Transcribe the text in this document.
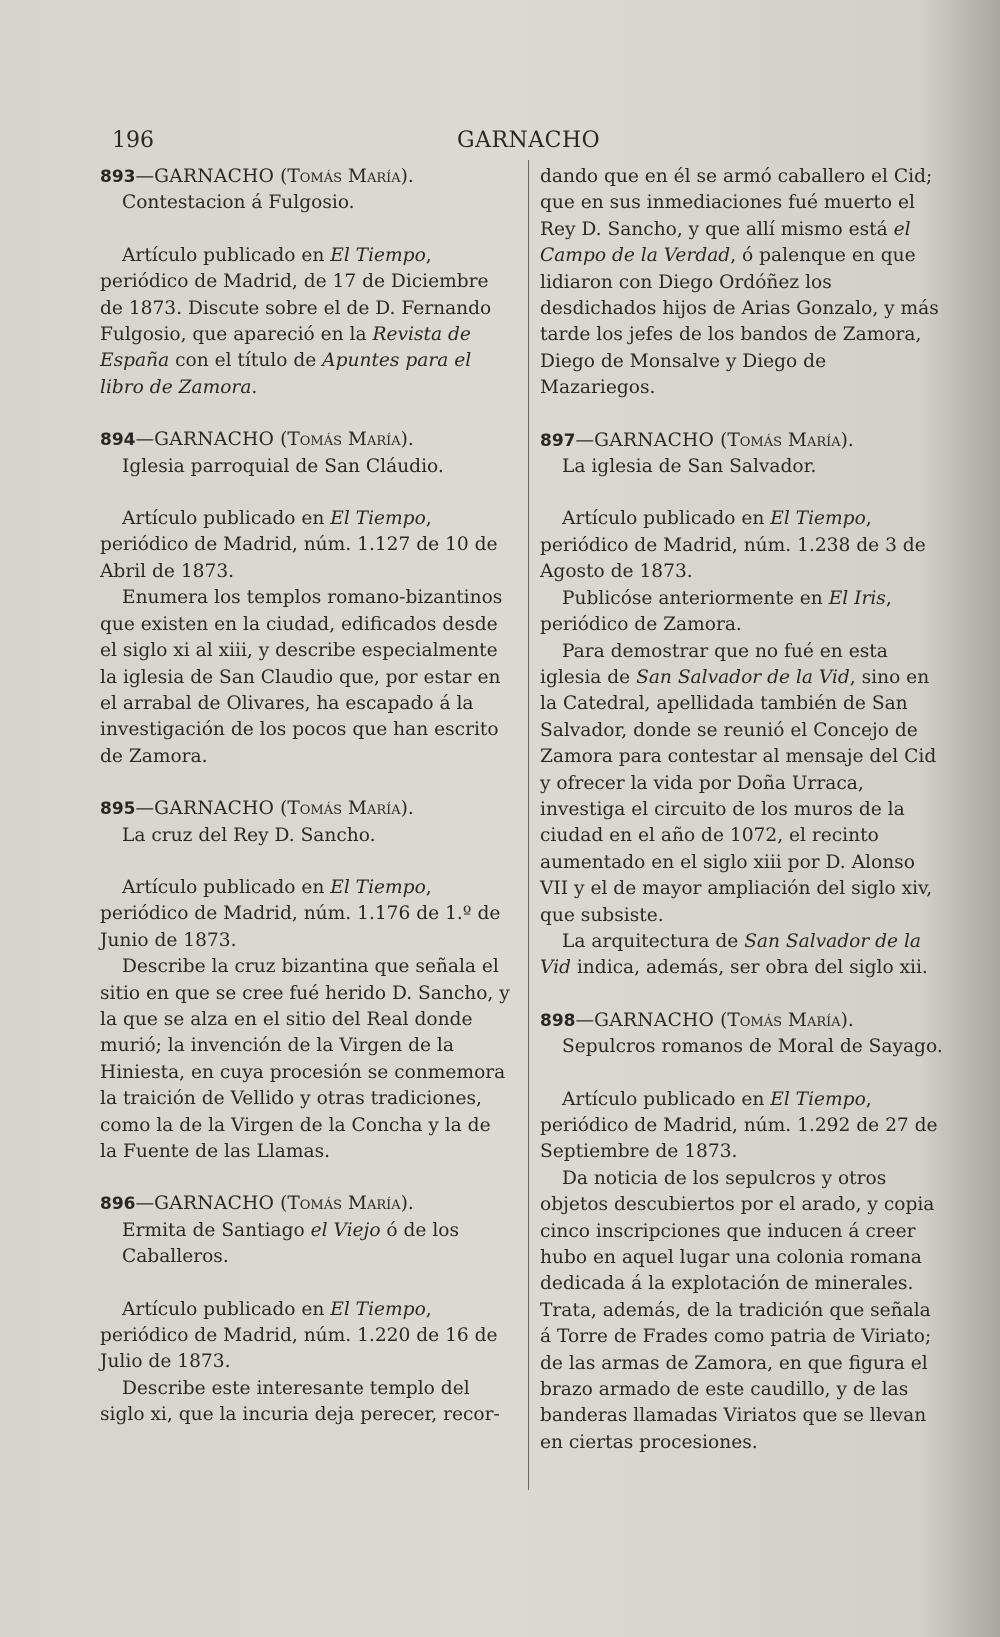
196	GARNACHO

893—GARNACHO (Tomás María).

Contestacion á Fulgosio.

Artículo publicado en El Tiempo, periódico de Madrid, de 17 de Diciembre de 1873. Discute sobre el de D. Fernando Fulgosio, que apareció en la Revista de España con el título de Apuntes para el libro de Zamora.

894—GARNACHO (Tomás María).

Iglesia parroquial de San Cláudio.

Artículo publicado en El Tiempo, periódico de Madrid, núm. 1.127 de 10 de Abril de 1873.

Enumera los templos romano-bizantinos que existen en la ciudad, edificados desde el siglo xi al xiii, y describe especialmente la iglesia de San Claudio que, por estar en el arrabal de Olivares, ha escapado á la investigación de los pocos que han escrito de Zamora.

895—GARNACHO (Tomás María).

La cruz del Rey D. Sancho.

Artículo publicado en El Tiempo, periódico de Madrid, núm. 1.176 de 1.º de Junio de 1873.

Describe la cruz bizantina que señala el sitio en que se cree fué herido D. Sancho, y la que se alza en el sitio del Real donde murió; la invención de la Virgen de la Hiniesta, en cuya procesión se conmemora la traición de Vellido y otras tradiciones, como la de la Virgen de la Concha y la de la Fuente de las Llamas.

896—GARNACHO (Tomás María).

Ermita de Santiago el Viejo ó de los Caballeros.

Artículo publicado en El Tiempo, periódico de Madrid, núm. 1.220 de 16 de Julio de 1873.

Describe este interesante templo del siglo xi, que la incuria deja perecer, recor-

dando que en él se armó caballero el Cid; que en sus inmediaciones fué muerto el Rey D. Sancho, y que allí mismo está el Campo de la Verdad, ó palenque en que lidiaron con Diego Ordóñez los desdichados hijos de Arias Gonzalo, y más tarde los jefes de los bandos de Zamora, Diego de Monsalve y Diego de Mazariegos.

897—GARNACHO (Tomás María).

La iglesia de San Salvador.

Artículo publicado en El Tiempo, periódico de Madrid, núm. 1.238 de 3 de Agosto de 1873.

Publicóse anteriormente en El Iris, periódico de Zamora.

Para demostrar que no fué en esta iglesia de San Salvador de la Vid, sino en la Catedral, apellidada también de San Salvador, donde se reunió el Concejo de Zamora para contestar al mensaje del Cid y ofrecer la vida por Doña Urraca, investiga el circuito de los muros de la ciudad en el año de 1072, el recinto aumentado en el siglo xiii por D. Alonso VII y el de mayor ampliación del siglo xiv, que subsiste.

La arquitectura de San Salvador de la Vid indica, además, ser obra del siglo xii.

898—GARNACHO (Tomás María).

Sepulcros romanos de Moral de Sayago.

Artículo publicado en El Tiempo, periódico de Madrid, núm. 1.292 de 27 de Septiembre de 1873.

Da noticia de los sepulcros y otros objetos descubiertos por el arado, y copia cinco inscripciones que inducen á creer hubo en aquel lugar una colonia romana dedicada á la explotación de minerales. Trata, además, de la tradición que señala á Torre de Frades como patria de Viriato; de las armas de Zamora, en que figura el brazo armado de este caudillo, y de las banderas llamadas Viriatos que se llevan en ciertas procesiones.
